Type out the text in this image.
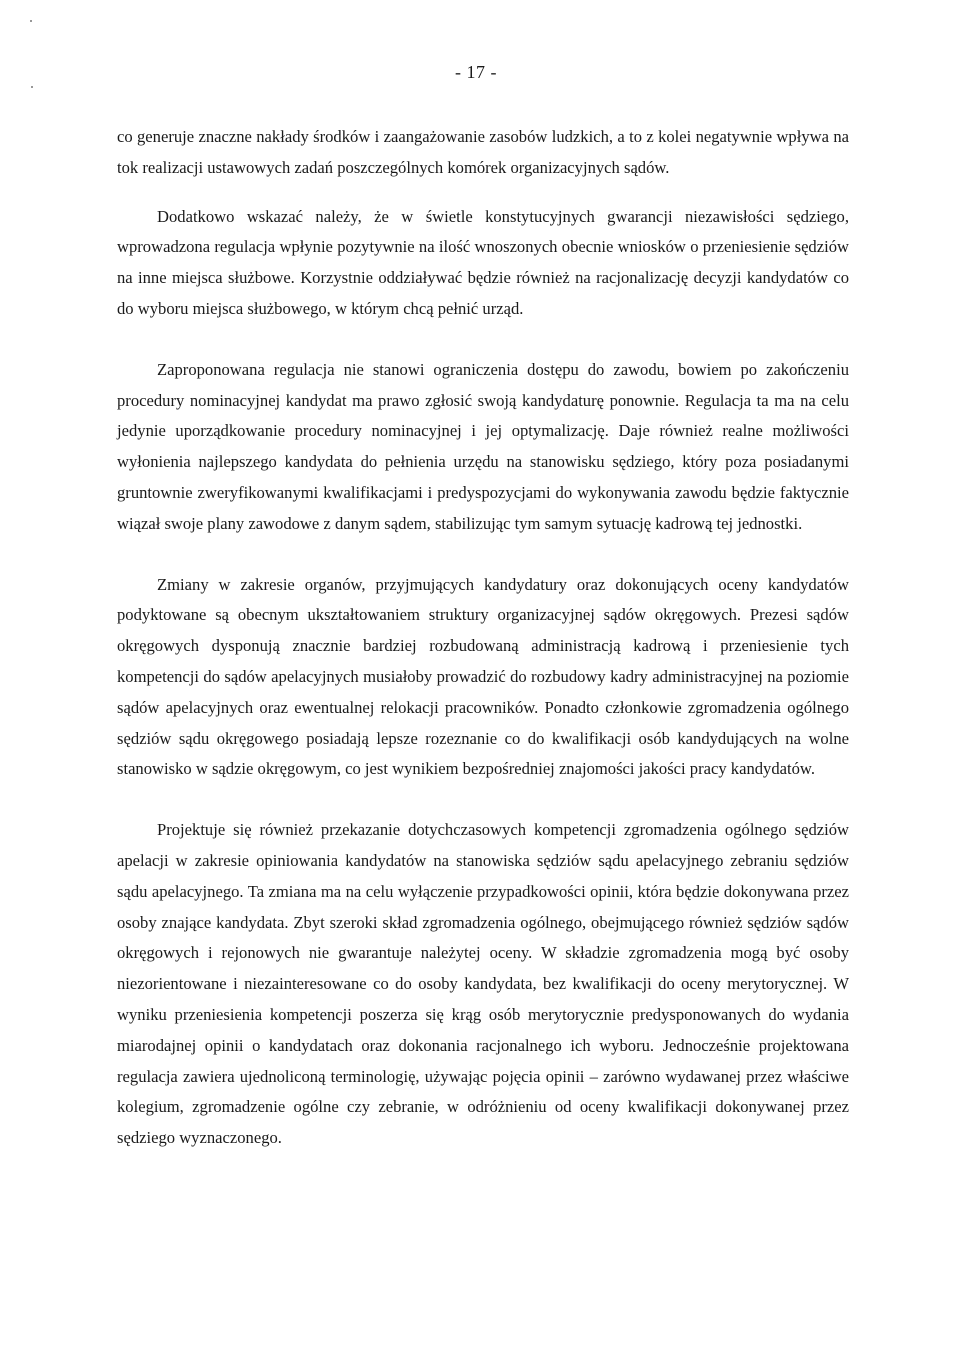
- 17 -

co generuje znaczne nakłady środków i zaangażowanie zasobów ludzkich, a to z kolei negatywnie wpływa na tok realizacji ustawowych zadań poszczególnych komórek organizacyjnych sądów.

Dodatkowo wskazać należy, że w świetle konstytucyjnych gwarancji niezawisłości sędziego, wprowadzona regulacja wpłynie pozytywnie na ilość wnoszonych obecnie wniosków o przeniesienie sędziów na inne miejsca służbowe. Korzystnie oddziaływać będzie również na racjonalizację decyzji kandydatów co do wyboru miejsca służbowego, w którym chcą pełnić urząd.

Zaproponowana regulacja nie stanowi ograniczenia dostępu do zawodu, bowiem po zakończeniu procedury nominacyjnej kandydat ma prawo zgłosić swoją kandydaturę ponownie. Regulacja ta ma na celu jedynie uporządkowanie procedury nominacyjnej i jej optymalizację. Daje również realne możliwości wyłonienia najlepszego kandydata do pełnienia urzędu na stanowisku sędziego, który poza posiadanymi gruntownie zweryfikowanymi kwalifikacjami i predyspozycjami do wykonywania zawodu będzie faktycznie wiązał swoje plany zawodowe z danym sądem, stabilizując tym samym sytuację kadrową tej jednostki.

Zmiany w zakresie organów, przyjmujących kandydatury oraz dokonujących oceny kandydatów podyktowane są obecnym ukształtowaniem struktury organizacyjnej sądów okręgowych. Prezesi sądów okręgowych dysponują znacznie bardziej rozbudowaną administracją kadrową i przeniesienie tych kompetencji do sądów apelacyjnych musiałoby prowadzić do rozbudowy kadry administracyjnej na poziomie sądów apelacyjnych oraz ewentualnej relokacji pracowników. Ponadto członkowie zgromadzenia ogólnego sędziów sądu okręgowego posiadają lepsze rozeznanie co do kwalifikacji osób kandydujących na wolne stanowisko w sądzie okręgowym, co jest wynikiem bezpośredniej znajomości jakości pracy kandydatów.

Projektuje się również przekazanie dotychczasowych kompetencji zgromadzenia ogólnego sędziów apelacji w zakresie opiniowania kandydatów na stanowiska sędziów sądu apelacyjnego zebraniu sędziów sądu apelacyjnego. Ta zmiana ma na celu wyłączenie przypadkowości opinii, która będzie dokonywana przez osoby znające kandydata. Zbyt szeroki skład zgromadzenia ogólnego, obejmującego również sędziów sądów okręgowych i rejonowych nie gwarantuje należytej oceny. W składzie zgromadzenia mogą być osoby niezorientowane i niezainteresowane co do osoby kandydata, bez kwalifikacji do oceny merytorycznej. W wyniku przeniesienia kompetencji poszerza się krąg osób merytorycznie predysponowanych do wydania miarodajnej opinii o kandydatach oraz dokonania racjonalnego ich wyboru. Jednocześnie projektowana regulacja zawiera ujednoliconą terminologię, używając pojęcia opinii – zarówno wydawanej przez właściwe kolegium, zgromadzenie ogólne czy zebranie, w odróżnieniu od oceny kwalifikacji dokonywanej przez sędziego wyznaczonego.
